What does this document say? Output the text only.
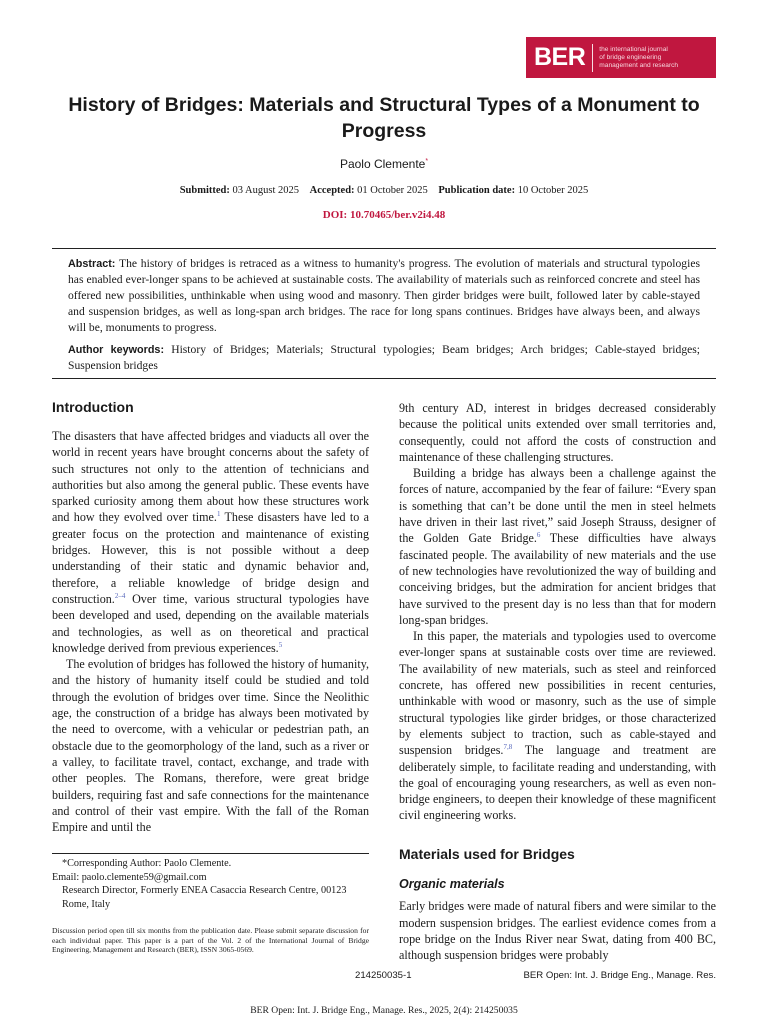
BER the international journal
of bridge engineering
management and research
History of Bridges: Materials and Structural Types of a Monument to Progress
Paolo Clemente*
Submitted: 03 August 2025 Accepted: 01 October 2025 Publication date: 10 October 2025
DOI: 10.70465/ber.v2i4.48
Abstract: The history of bridges is retraced as a witness to humanity's progress. The evolution of materials and structural typologies has enabled ever-longer spans to be achieved at sustainable costs. The availability of materials such as reinforced concrete and steel has offered new possibilities, unthinkable when using wood and masonry. Then girder bridges were built, followed later by cable-stayed and suspension bridges, as well as long-span arch bridges. The race for long spans continues. Bridges have always been, and always will be, monuments to progress.
Author keywords: History of Bridges; Materials; Structural typologies; Beam bridges; Arch bridges; Cable-stayed bridges; Suspension bridges
Introduction

The disasters that have affected bridges and viaducts all over the world in recent years have brought concerns about the safety of such structures not only to the attention of technicians and authorities but also among the general public. These events have sparked curiosity among them about how these structures work and how they evolved over time.$^1$ These disasters have led to a greater focus on the protection and maintenance of existing bridges. However, this is not possible without a deep understanding of their static and dynamic behavior and, therefore, a reliable knowledge of bridge design and construction.$^{2-4}$ Over time, various structural typologies have been developed and used, depending on the available materials and technologies, as well as on theoretical and practical knowledge derived from previous experiences.$^5$

The evolution of bridges has followed the history of humanity, and the history of humanity itself could be studied and told through the evolution of bridges over time. Since the Neolithic age, the construction of a bridge has always been motivated by the need to overcome, with a vehicular or pedestrian path, an obstacle due to the geomorphology of the land, such as a river or a valley, to facilitate travel, contact, exchange, and trade with other peoples. The Romans, therefore, were great bridge builders, requiring fast and safe connections for the maintenance and control of their vast empire. With the fall of the Roman Empire and until the

*Corresponding Author: Paolo Clemente.
Email: paolo.clemente59@gmail.com
Research Director, Formerly ENEA Casaccia Research Centre, 00123 Rome, Italy
Discussion period open till six months from the publication date. Please submit separate discussion for each individual paper. This paper is a part of the Vol. 2 of the International Journal of Bridge Engineering, Management and Research (BER), ISSN 3065-0569.

9th century AD, interest in bridges decreased considerably because the political units extended over small territories and, consequently, could not afford the costs of construction and maintenance of these challenging structures.

Building a bridge has always been a challenge against the forces of nature, accompanied by the fear of failure: “Every span is something that can’t be done until the men in steel helmets have driven in their last rivet,” said Joseph Strauss, designer of the Golden Gate Bridge.$^6$ These difficulties have always fascinated people. The availability of new materials and the use of new technologies have revolutionized the way of building and conceiving bridges, but the admiration for ancient bridges that have survived to the present day is no less than that for modern long-span bridges.

In this paper, the materials and typologies used to overcome ever-longer spans at sustainable costs over time are reviewed. The availability of new materials, such as steel and reinforced concrete, has offered new possibilities in recent centuries, unthinkable with wood or masonry, such as the use of simple structural typologies like girder bridges, or those characterized by elements subject to traction, such as cable-stayed and suspension bridges.$^{7,8}$ The language and treatment are deliberately simple, to facilitate reading and understanding, with the goal of encouraging young researchers, as well as even non-bridge engineers, to deepen their knowledge of these magnificent civil engineering works.

Materials used for Bridges
Organic materials

Early bridges were made of natural fibers and were similar to the modern suspension bridges. The earliest evidence comes from a rope bridge on the Indus River near Swat, dating from 400 BC, although suspension bridges were probably

214250035-1	BER Open: Int. J. Bridge Eng., Manage. Res.
BER Open: Int. J. Bridge Eng., Manage. Res., 2025, 2(4): 214250035
